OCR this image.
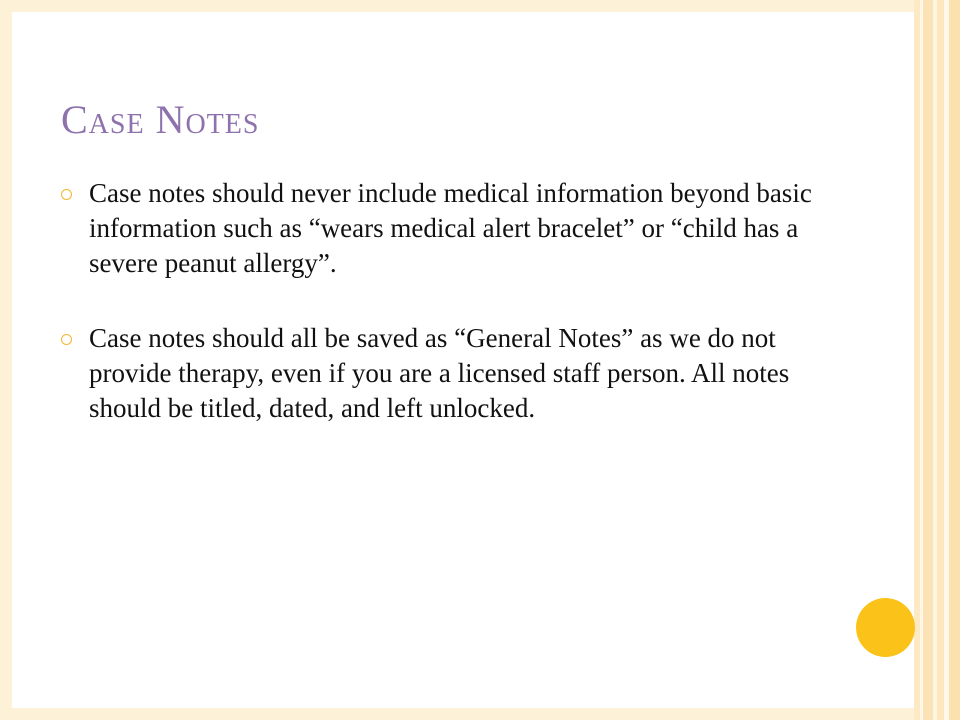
Case Notes
Case notes should never include medical information beyond basic information such as “wears medical alert bracelet” or “child has a severe peanut allergy”.
Case notes should all be saved as “General Notes” as we do not provide therapy, even if you are a licensed staff person. All notes should be titled, dated, and left unlocked.
